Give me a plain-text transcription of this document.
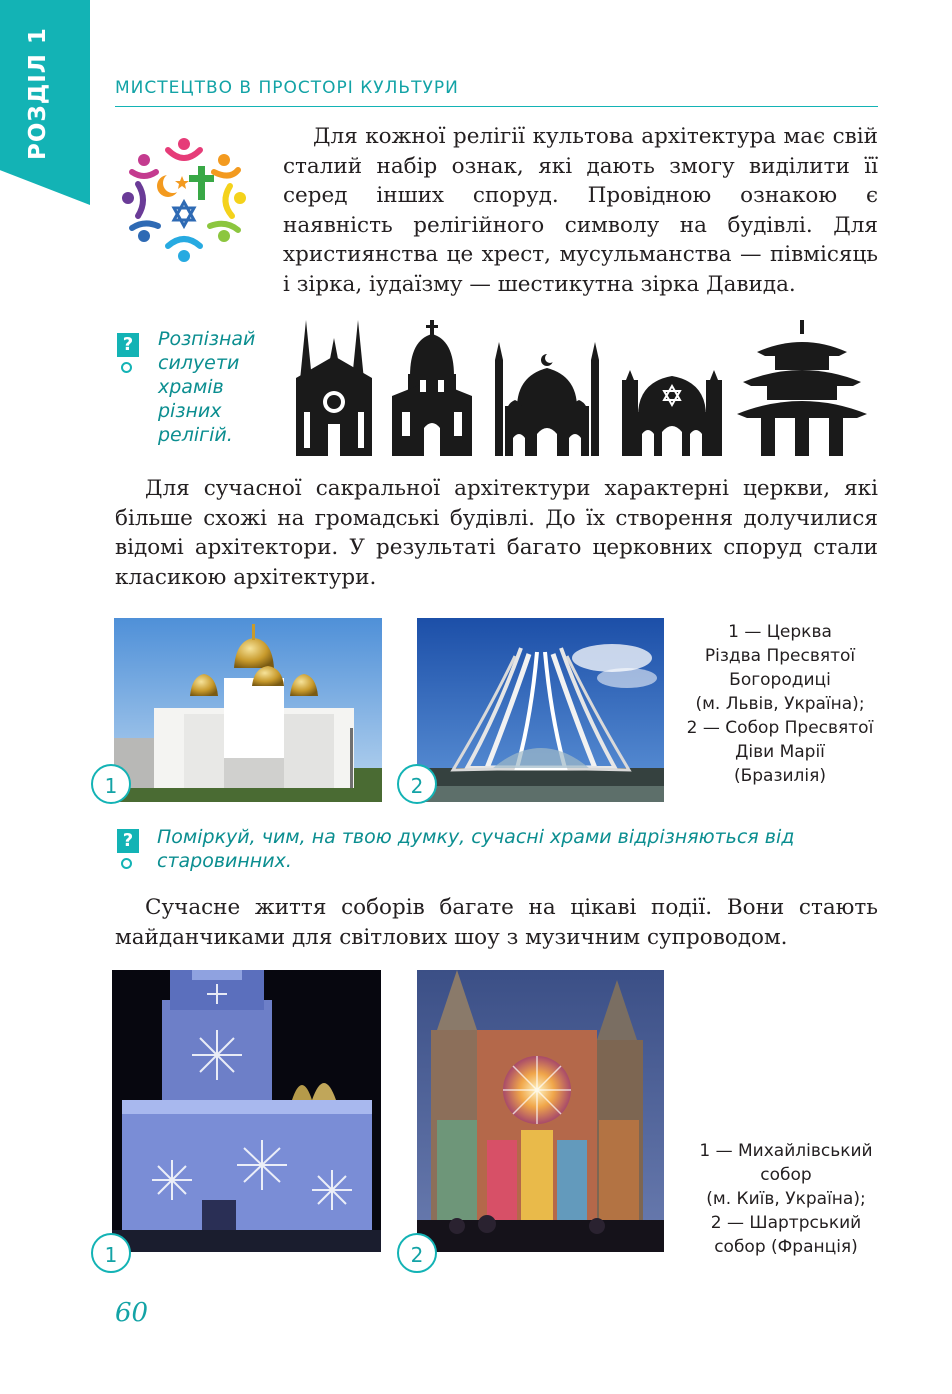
РОЗДІЛ 1	МИСТЕЦТВО В ПРОСТОРІ КУЛЬТУРИ

Для кожної релігії культова архітектура має свій сталий набір ознак, які дають змогу виділити її серед інших споруд. Провідною ознакою є наявність релігійного символу на будівлі. Для християнства це хрест, мусульманства — півмісяць і зірка, іудаїзму — шестикутна зірка Давида.

?	Розпізнай силуети храмів різних релігій.

Для сучасної сакральної архітектури характерні церкви, які більше схожі на громадські будівлі. До їх створення долучилися відомі архітектори. У результаті багато церковних споруд стали класикою архітектури.

1	2
1 — Церква
Різдва Пресвятої
Богородиці
(м. Львів, Україна);
2 — Собор Пресвятої
Діви Марії
(Бразилія)
?	Поміркуй, чим, на твою думку, сучасні храми відрізняються від старовинних.

Сучасне життя соборів багате на цікаві події. Вони стають майданчиками для світлових шоу з музичним супроводом.

1	2
1 — Михайлівський
собор
(м. Київ, Україна);
2 — Шартрський
собор (Франція)
60
